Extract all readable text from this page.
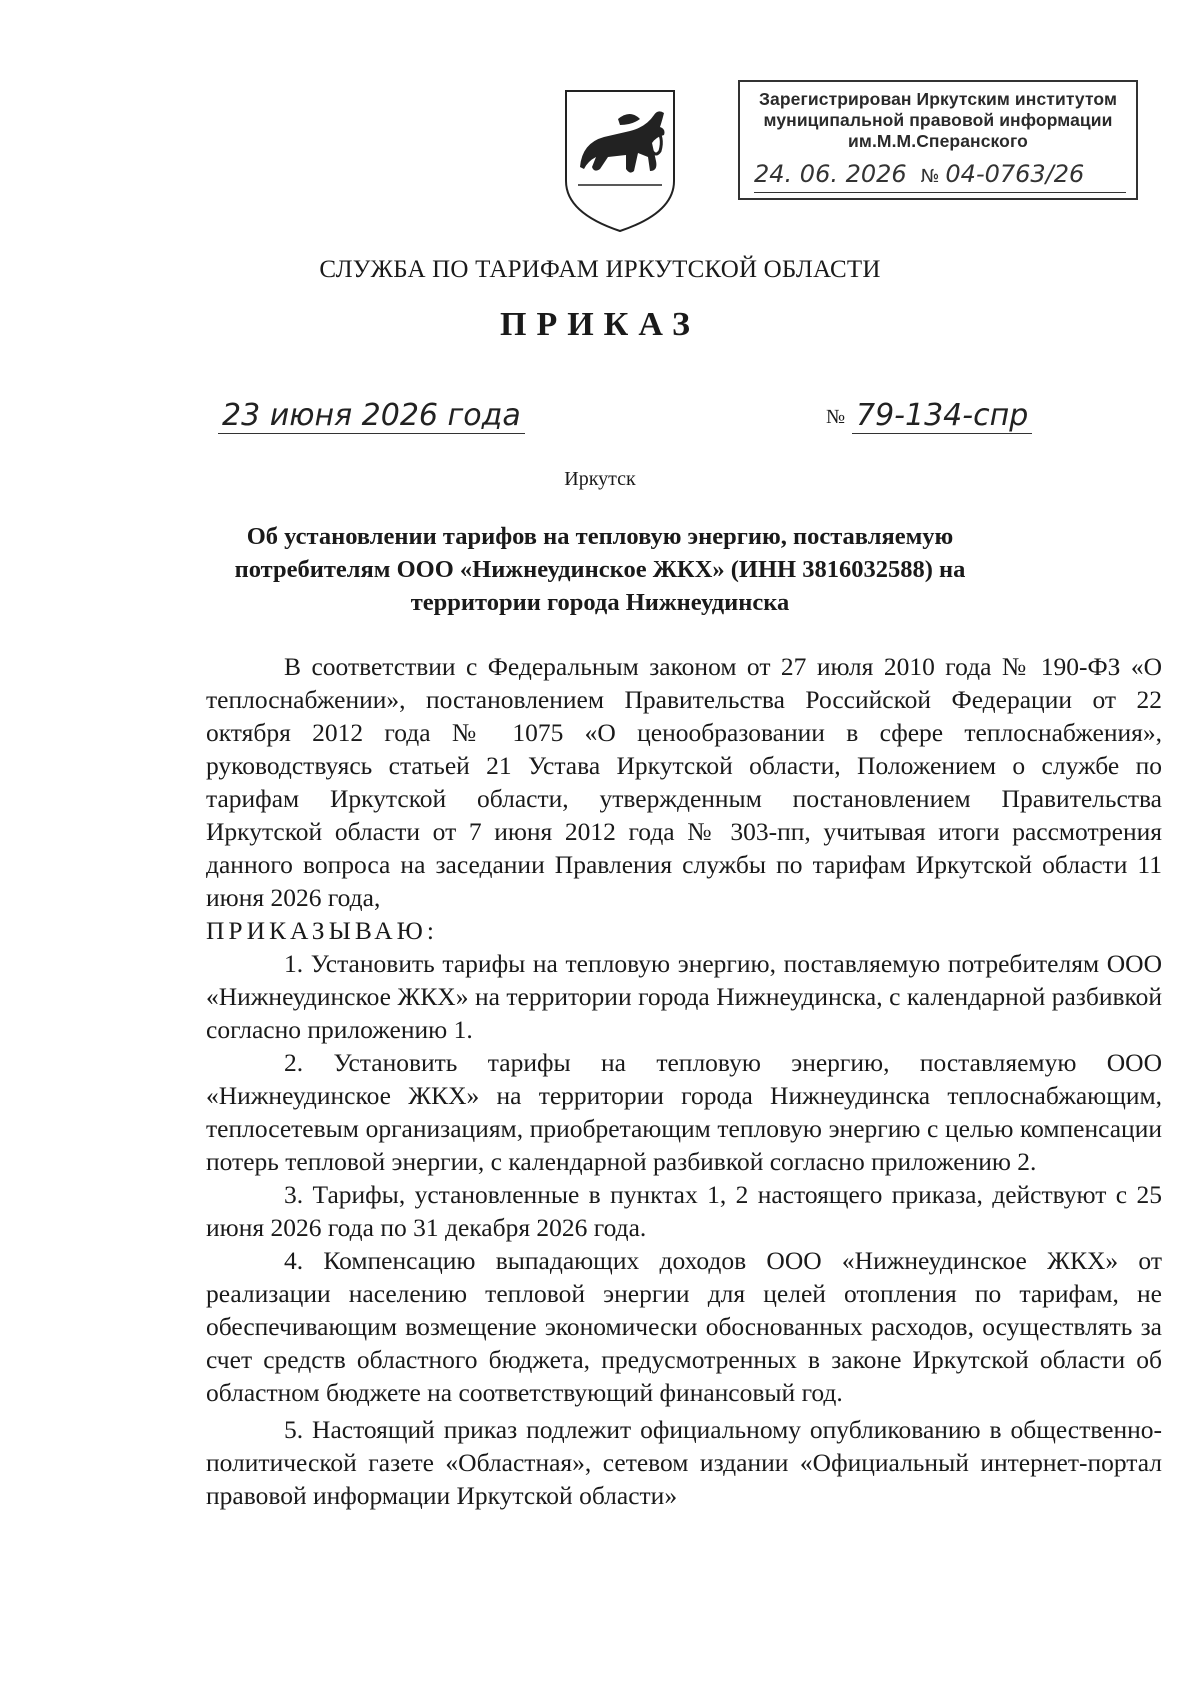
Зарегистрирован Иркутским институтом
муниципальной правовой информации
им.М.М.Сперанского
24. 06. 2026 № 04-0763/26
СЛУЖБА ПО ТАРИФАМ ИРКУТСКОЙ ОБЛАСТИ
ПРИКАЗ
23 июня 2026 года	№ 79-134-спр
Иркутск
Об установлении тарифов на тепловую энергию, поставляемую потребителям ООО «Нижнеудинское ЖКХ» (ИНН 3816032588) на территории города Нижнеудинска

В соответствии с Федеральным законом от 27 июля 2010 года № 190-ФЗ «О теплоснабжении», постановлением Правительства Российской Федерации от 22 октября 2012 года № 1075 «О ценообразовании в сфере теплоснабжения», руководствуясь статьей 21 Устава Иркутской области, Положением о службе по тарифам Иркутской области, утвержденным постановлением Правительства Иркутской области от 7 июня 2012 года № 303-пп, учитывая итоги рассмотрения данного вопроса на заседании Правления службы по тарифам Иркутской области 11 июня 2026 года,

ПРИКАЗЫВАЮ:

1. Установить тарифы на тепловую энергию, поставляемую потребителям ООО «Нижнеудинское ЖКХ» на территории города Нижнеудинска, с календарной разбивкой согласно приложению 1.

2. Установить тарифы на тепловую энергию, поставляемую ООО «Нижнеудинское ЖКХ» на территории города Нижнеудинска теплоснабжающим, теплосетевым организациям, приобретающим тепловую энергию с целью компенсации потерь тепловой энергии, с календарной разбивкой согласно приложению 2.

3. Тарифы, установленные в пунктах 1, 2 настоящего приказа, действуют с 25 июня 2026 года по 31 декабря 2026 года.

4. Компенсацию выпадающих доходов ООО «Нижнеудинское ЖКХ» от реализации населению тепловой энергии для целей отопления по тарифам, не обеспечивающим возмещение экономически обоснованных расходов, осуществлять за счет средств областного бюджета, предусмотренных в законе Иркутской области об областном бюджете на соответствующий финансовый год.

5. Настоящий приказ подлежит официальному опубликованию в общественно-политической газете «Областная», сетевом издании «Официальный интернет-портал правовой информации Иркутской области»
